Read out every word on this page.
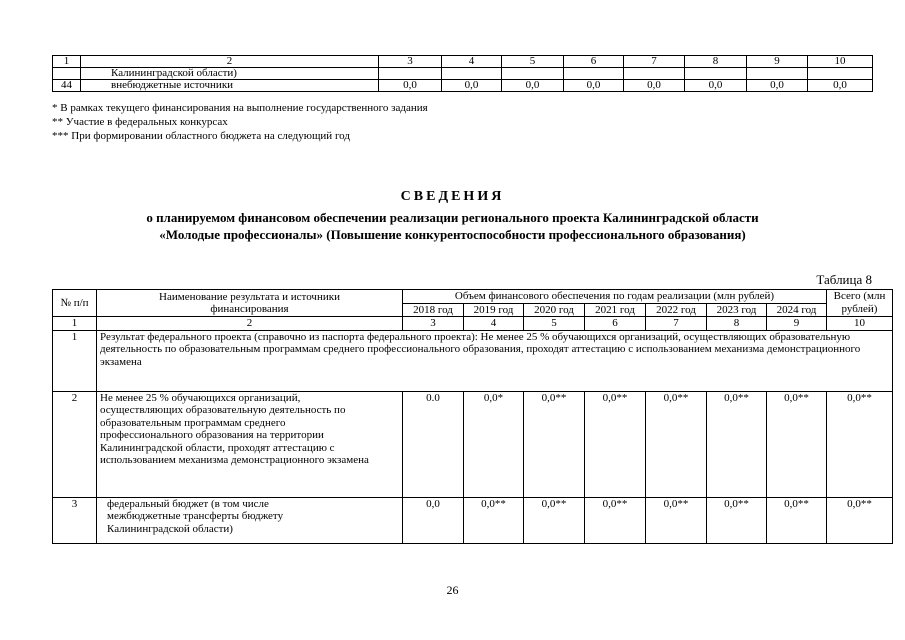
1	2	3	4	5	6	7	8	9	10
	Калининградской области)								
44	внебюджетные источники	0,0	0,0	0,0	0,0	0,0	0,0	0,0	0,0
* В рамках текущего финансирования на выполнение государственного задания
** Участие в федеральных конкурсах
*** При формировании областного бюджета на следующий год
СВЕДЕНИЯ
о планируемом финансовом обеспечении реализации регионального проекта Калининградской области
«Молодые профессионалы» (Повышение конкурентоспособности профессионального образования)
Таблица 8
№ п/п	Наименование результата и источники финансирования	Объем финансового обеспечения по годам реализации (млн рублей)							Всего (млн рублей)
		2018 год	2019 год	2020 год	2021 год	2022 год	2023 год	2024 год	
1	2	3	4	5	6	7	8	9	10
1	Результат федерального проекта (справочно из паспорта федерального проекта): Не менее 25 % обучающихся организаций, осуществляющих образовательную деятельность по образовательным программам среднего профессионального образования, проходят аттестацию с использованием механизма демонстрационного экзамена								
2	Не менее 25 % обучающихся организаций, осуществляющих образовательную деятельность по образовательным программам среднего профессионального образования на территории Калининградской области, проходят аттестацию с использованием механизма демонстрационного экзамена	0.0	0,0*	0,0**	0,0**	0,0**	0,0**	0,0**	0,0**
3	федеральный бюджет (в том числе межбюджетные трансферты бюджету Калининградской области)	0,0	0,0**	0,0**	0,0**	0,0**	0,0**	0,0**	0,0**
26
